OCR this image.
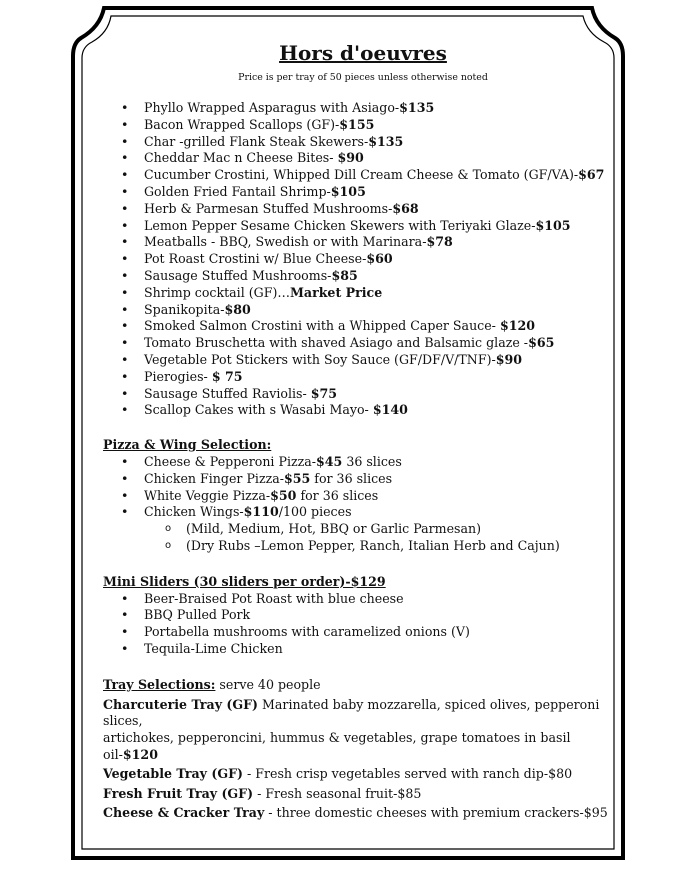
Hors d'oeuvres
Price is per tray of 50 pieces unless otherwise noted
• Phyllo Wrapped Asparagus with Asiago-$135
• Bacon Wrapped Scallops (GF)-$155
• Char -grilled Flank Steak Skewers-$135
• Cheddar Mac n Cheese Bites- $90
• Cucumber Crostini, Whipped Dill Cream Cheese & Tomato (GF/VA)-$67
• Golden Fried Fantail Shrimp-$105
• Herb & Parmesan Stuffed Mushrooms-$68
• Lemon Pepper Sesame Chicken Skewers with Teriyaki Glaze-$105
• Meatballs - BBQ, Swedish or with Marinara-$78
• Pot Roast Crostini w/ Blue Cheese-$60
• Sausage Stuffed Mushrooms-$85
• Shrimp cocktail (GF)…Market Price
• Spanikopita-$80
• Smoked Salmon Crostini with a Whipped Caper Sauce- $120
• Tomato Bruschetta with shaved Asiago and Balsamic glaze -$65
• Vegetable Pot Stickers with Soy Sauce (GF/DF/V/TNF)-$90
• Pierogies- $ 75
• Sausage Stuffed Raviolis- $75
• Scallop Cakes with s Wasabi Mayo- $140
Pizza & Wing Selection:
• Cheese & Pepperoni Pizza-$45 36 slices
• Chicken Finger Pizza-$55 for 36 slices
• White Veggie Pizza-$50 for 36 slices
• Chicken Wings-$110/100 pieces
o (Mild, Medium, Hot, BBQ or Garlic Parmesan)
o (Dry Rubs –Lemon Pepper, Ranch, Italian Herb and Cajun)
Mini Sliders (30 sliders per order)-$129
• Beer-Braised Pot Roast with blue cheese
• BBQ Pulled Pork
• Portabella mushrooms with caramelized onions (V)
• Tequila-Lime Chicken
Tray Selections: serve 40 people

Charcuterie Tray (GF) Marinated baby mozzarella, spiced olives, pepperoni slices,
artichokes, pepperoncini, hummus & vegetables, grape tomatoes in basil oil-$120

Vegetable Tray (GF) - Fresh crisp vegetables served with ranch dip-$80

Fresh Fruit Tray (GF) - Fresh seasonal fruit-$85

Cheese & Cracker Tray - three domestic cheeses with premium crackers-$95
